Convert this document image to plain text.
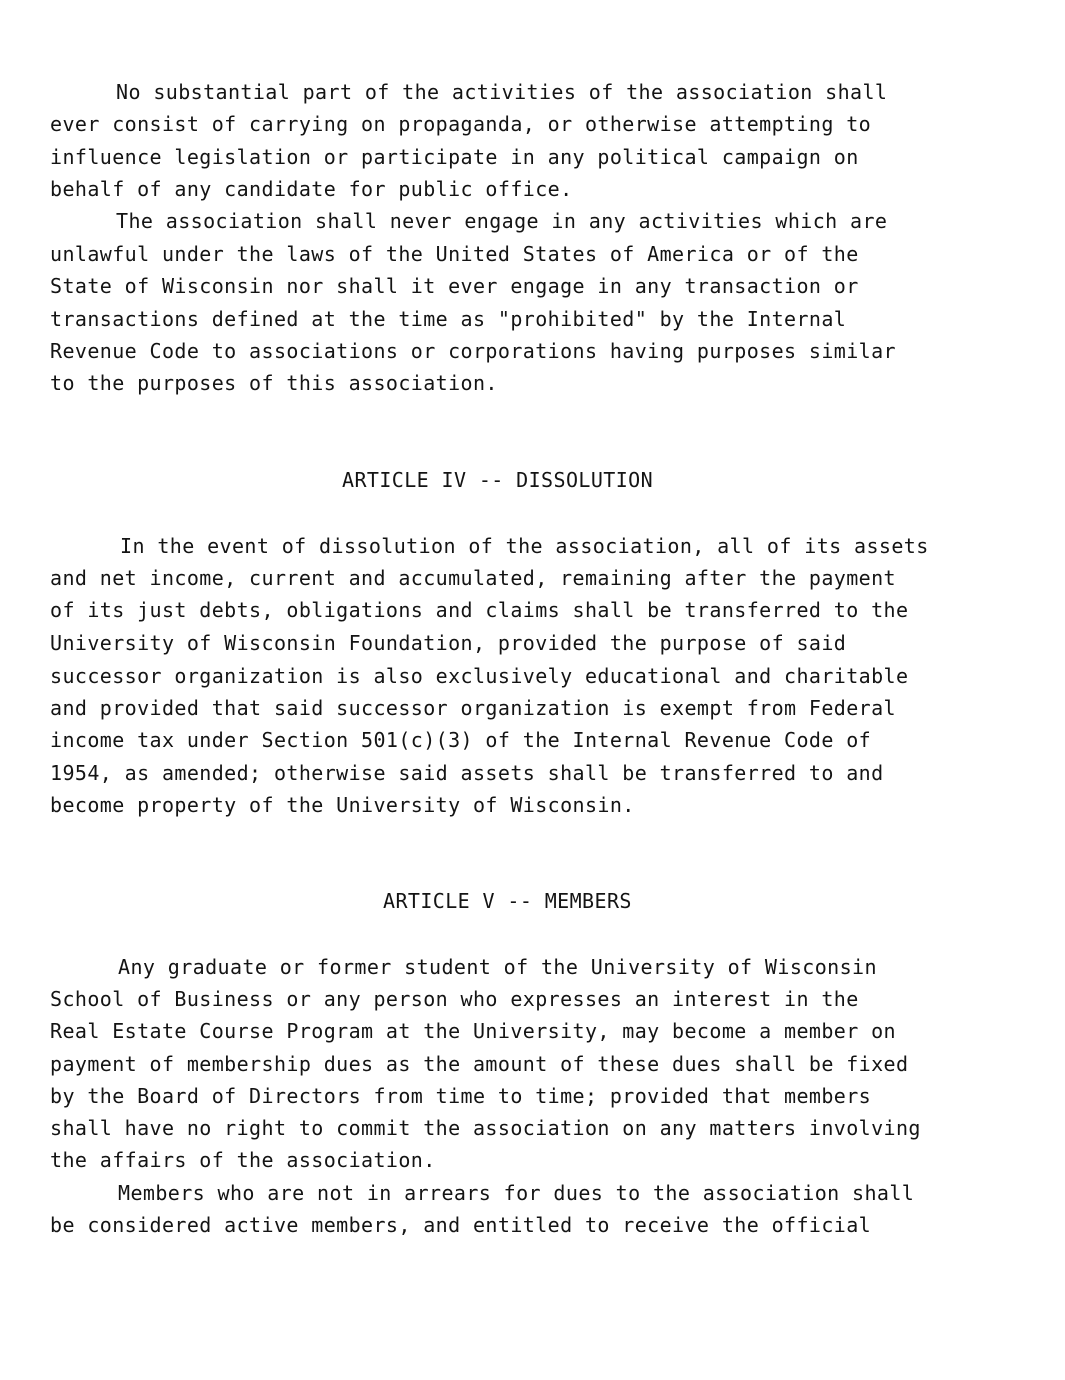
No substantial part of the activities of the association shall
ever consist of carrying on propaganda, or otherwise attempting to
influence legislation or participate in any political campaign on
behalf of any candidate for public office.
The association shall never engage in any activities which are
unlawful under the laws of the United States of America or of the
State of Wisconsin nor shall it ever engage in any transaction or
transactions defined at the time as "prohibited" by the Internal
Revenue Code to associations or corporations having purposes similar
to the purposes of this association.
ARTICLE IV -- DISSOLUTION
In the event of dissolution of the association, all of its assets
and net income, current and accumulated, remaining after the payment
of its just debts, obligations and claims shall be transferred to the
University of Wisconsin Foundation, provided the purpose of said
successor organization is also exclusively educational and charitable
and provided that said successor organization is exempt from Federal
income tax under Section 501(c)(3) of the Internal Revenue Code of
1954, as amended; otherwise said assets shall be transferred to and
become property of the University of Wisconsin.
ARTICLE V -- MEMBERS
Any graduate or former student of the University of Wisconsin
School of Business or any person who expresses an interest in the
Real Estate Course Program at the University, may become a member on
payment of membership dues as the amount of these dues shall be fixed
by the Board of Directors from time to time; provided that members
shall have no right to commit the association on any matters involving
the affairs of the association.
Members who are not in arrears for dues to the association shall
be considered active members, and entitled to receive the official
